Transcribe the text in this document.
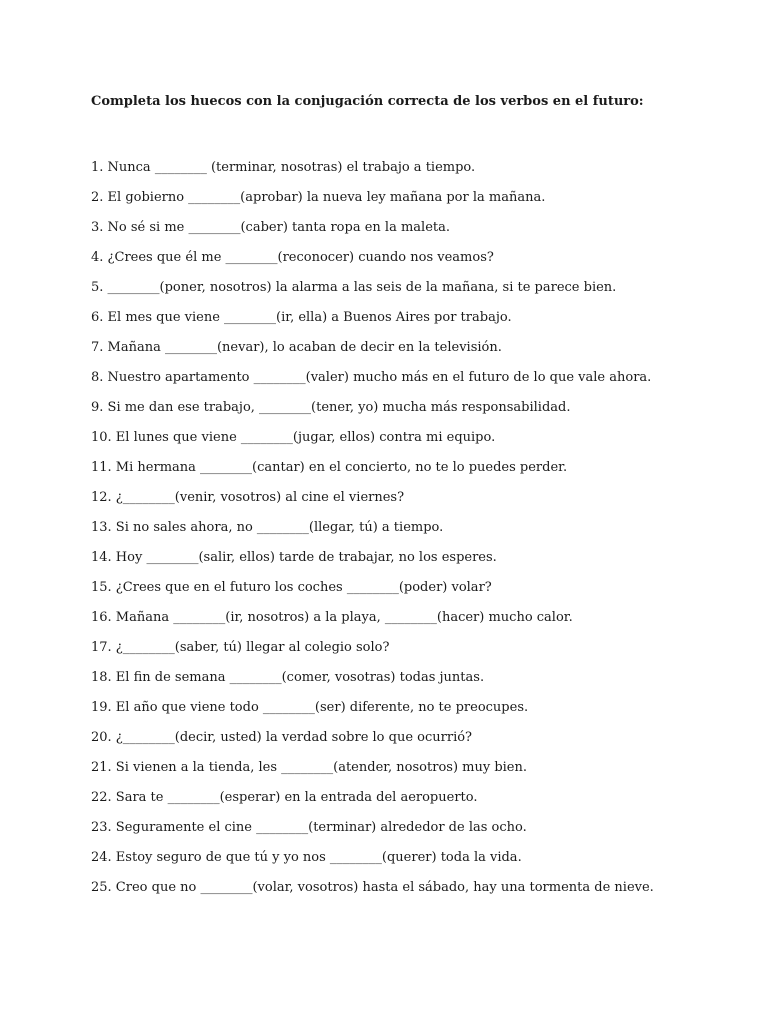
Completa los huecos con la conjugación correcta de los verbos en el futuro:

1. Nunca ________ (terminar, nosotras) el trabajo a tiempo.
2. El gobierno ________(aprobar) la nueva ley mañana por la mañana.
3. No sé si me ________(caber) tanta ropa en la maleta.
4. ¿Crees que él me ________(reconocer) cuando nos veamos?
5. ________(poner, nosotros) la alarma a las seis de la mañana, si te parece bien.
6. El mes que viene ________(ir, ella) a Buenos Aires por trabajo.
7. Mañana ________(nevar), lo acaban de decir en la televisión.
8. Nuestro apartamento ________(valer) mucho más en el futuro de lo que vale ahora.
9. Si me dan ese trabajo, ________(tener, yo) mucha más responsabilidad.
10. El lunes que viene ________(jugar, ellos) contra mi equipo.
11. Mi hermana ________(cantar) en el concierto, no te lo puedes perder.
12. ¿________(venir, vosotros) al cine el viernes?
13. Si no sales ahora, no ________(llegar, tú) a tiempo.
14. Hoy ________(salir, ellos) tarde de trabajar, no los esperes.
15. ¿Crees que en el futuro los coches ________(poder) volar?
16. Mañana ________(ir, nosotros) a la playa, ________(hacer) mucho calor.
17. ¿________(saber, tú) llegar al colegio solo?
18. El fin de semana ________(comer, vosotras) todas juntas.
19. El año que viene todo ________(ser) diferente, no te preocupes.
20. ¿________(decir, usted) la verdad sobre lo que ocurrió?
21. Si vienen a la tienda, les ________(atender, nosotros) muy bien.
22. Sara te ________(esperar) en la entrada del aeropuerto.
23. Seguramente el cine ________(terminar) alrededor de las ocho.
24. Estoy seguro de que tú y yo nos ________(querer) toda la vida.
25. Creo que no ________(volar, vosotros) hasta el sábado, hay una tormenta de nieve.
